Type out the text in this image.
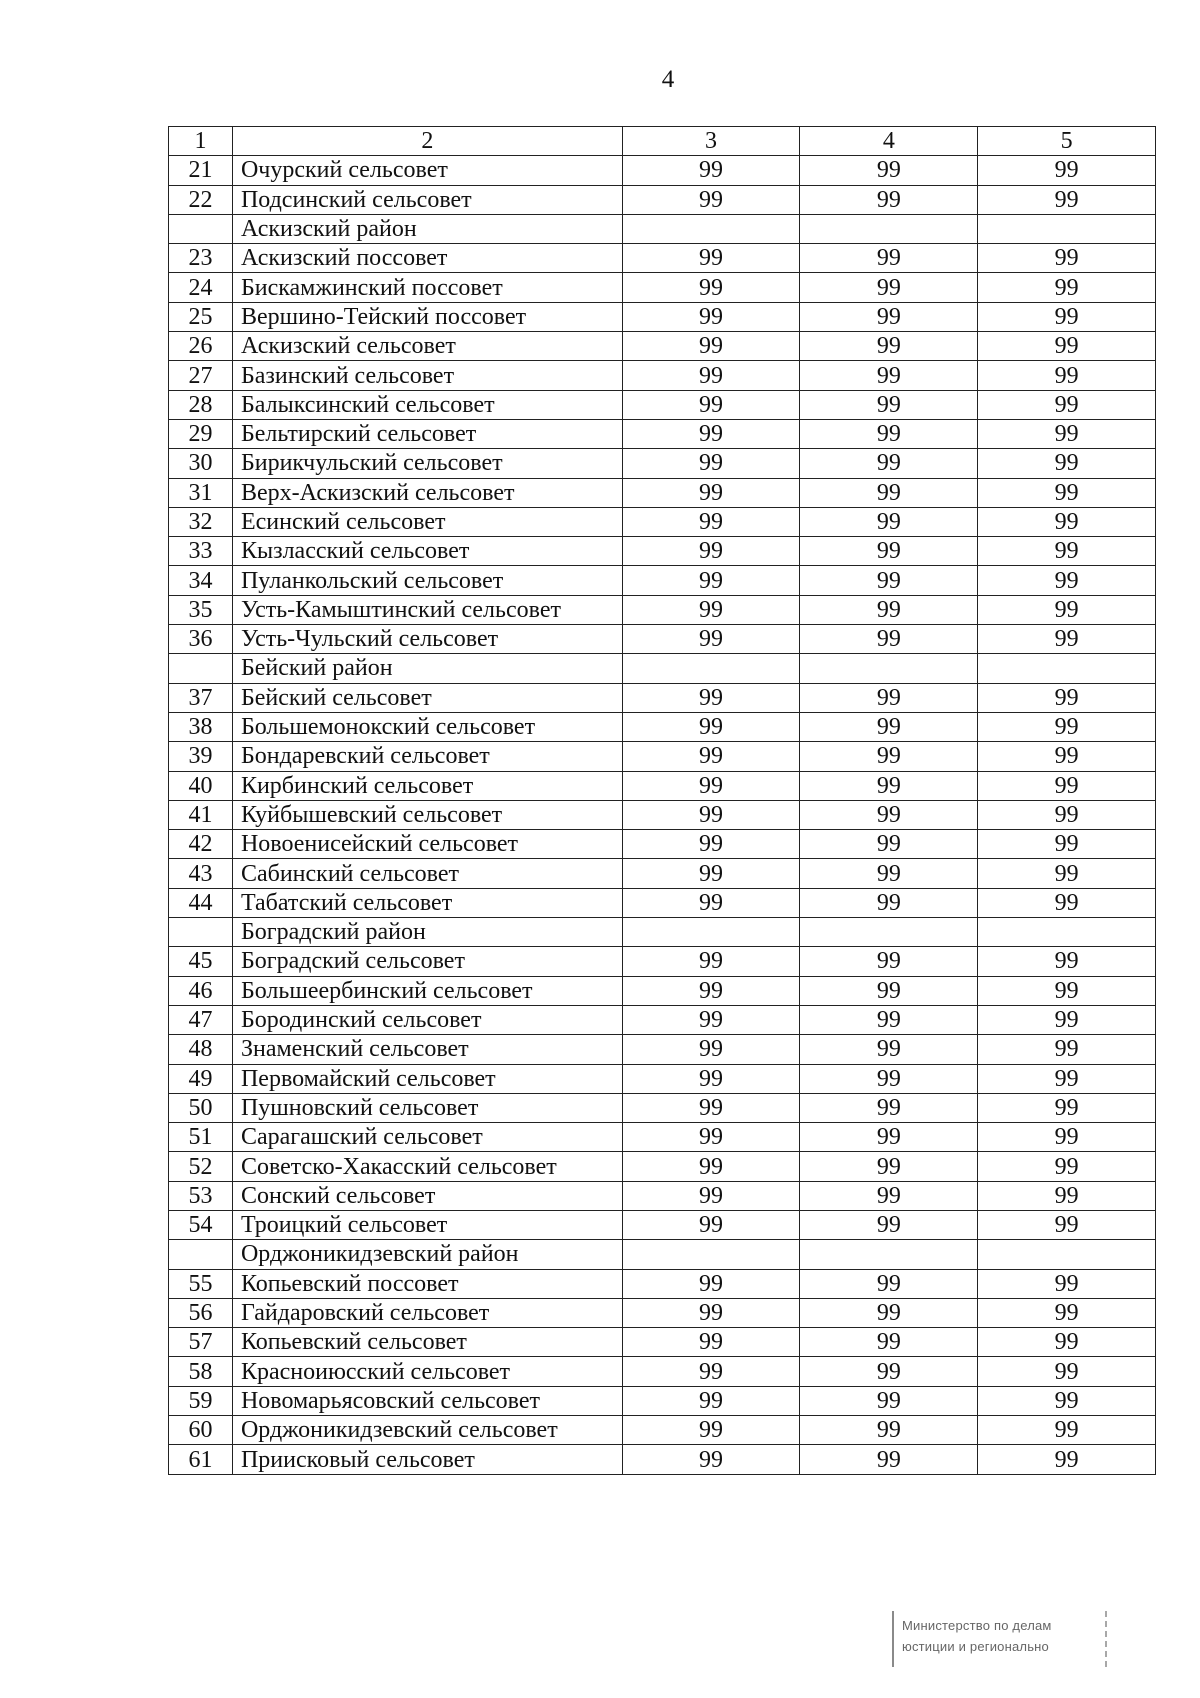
4
1	2	3	4	5
21	Очурский сельсовет	99	99	99
22	Подсинский сельсовет	99	99	99
	Аскизский район			
23	Аскизский поссовет	99	99	99
24	Бискамжинский поссовет	99	99	99
25	Вершино-Тейский поссовет	99	99	99
26	Аскизский сельсовет	99	99	99
27	Базинский сельсовет	99	99	99
28	Балыксинский сельсовет	99	99	99
29	Бельтирский сельсовет	99	99	99
30	Бирикчульский сельсовет	99	99	99
31	Верх-Аскизский сельсовет	99	99	99
32	Есинский сельсовет	99	99	99
33	Кызласский сельсовет	99	99	99
34	Пуланкольский сельсовет	99	99	99
35	Усть-Камыштинский сельсовет	99	99	99
36	Усть-Чульский сельсовет	99	99	99
	Бейский район			
37	Бейский сельсовет	99	99	99
38	Большемонокский сельсовет	99	99	99
39	Бондаревский сельсовет	99	99	99
40	Кирбинский сельсовет	99	99	99
41	Куйбышевский сельсовет	99	99	99
42	Новоенисейский сельсовет	99	99	99
43	Сабинский сельсовет	99	99	99
44	Табатский сельсовет	99	99	99
	Боградский район			
45	Боградский сельсовет	99	99	99
46	Большеербинский сельсовет	99	99	99
47	Бородинский сельсовет	99	99	99
48	Знаменский сельсовет	99	99	99
49	Первомайский сельсовет	99	99	99
50	Пушновский сельсовет	99	99	99
51	Сарагашский сельсовет	99	99	99
52	Советско-Хакасский сельсовет	99	99	99
53	Сонский сельсовет	99	99	99
54	Троицкий сельсовет	99	99	99
	Орджоникидзевский район			
55	Копьевский поссовет	99	99	99
56	Гайдаровский сельсовет	99	99	99
57	Копьевский сельсовет	99	99	99
58	Красноиюсский сельсовет	99	99	99
59	Новомарьясовский сельсовет	99	99	99
60	Орджоникидзевский сельсовет	99	99	99
61	Приисковый сельсовет	99	99	99
Министерство по делам
юстиции и регионально
